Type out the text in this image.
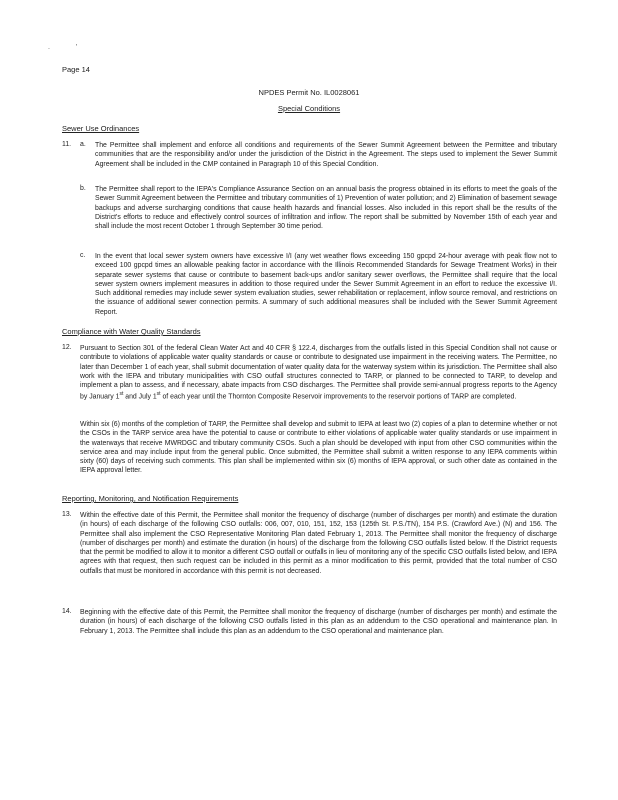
.	'
Page 14
NPDES Permit No. IL0028061
Special Conditions
Sewer Use Ordinances
11. a. The Permittee shall implement and enforce all conditions and requirements of the Sewer Summit Agreement between the Permittee and tributary communities that are the responsibility and/or under the jurisdiction of the District in the Agreement. The steps used to implement the Sewer Summit Agreement shall be included in the CMP contained in Paragraph 10 of this Special Condition.
b. The Permittee shall report to the IEPA's Compliance Assurance Section on an annual basis the progress obtained in its efforts to meet the goals of the Sewer Summit Agreement between the Permittee and tributary communities of 1) Prevention of water pollution; and 2) Elimination of basement sewage backups and adverse surcharging conditions that cause health hazards and financial losses. Also included in this report shall be the results of the District's efforts to reduce and effectively control sources of infiltration and inflow. The report shall be submitted by November 15th of each year and shall include the most recent October 1 through September 30 time period.
c. In the event that local sewer system owners have excessive I/I (any wet weather flows exceeding 150 gpcpd 24-hour average with peak flow not to exceed 100 gpcpd times an allowable peaking factor in accordance with the Illinois Recommended Standards for Sewage Treatment Works) in their separate sewer systems that cause or contribute to basement back-ups and/or sanitary sewer overflows, the Permittee shall require that the local sewer system owners implement measures in addition to those required under the Sewer Summit Agreement in an effort to reduce the excessive I/I. Such additional remedies may include sewer system evaluation studies, sewer rehabilitation or replacement, inflow source removal, and restrictions on the issuance of additional sewer connection permits. A summary of such additional measures shall be included with the Sewer Summit Agreement Report.
Compliance with Water Quality Standards
12. Pursuant to Section 301 of the federal Clean Water Act and 40 CFR § 122.4, discharges from the outfalls listed in this Special Condition shall not cause or contribute to violations of applicable water quality standards or cause or contribute to designated use impairment in the receiving waters. The Permittee, no later than December 1 of each year, shall submit documentation of water quality data for the waterway system within its jurisdiction. The Permittee shall also work with the IEPA and tributary municipalities with CSO outfall structures connected to TARP, or planned to be connected to TARP, to develop and implement a plan to assess, and if necessary, abate impacts from CSO discharges. The Permittee shall provide semi-annual progress reports to the Agency by January 1st and July 1st of each year until the Thornton Composite Reservoir improvements to the reservoir portions of TARP are completed.
Within six (6) months of the completion of TARP, the Permittee shall develop and submit to IEPA at least two (2) copies of a plan to determine whether or not the CSOs in the TARP service area have the potential to cause or contribute to either violations of applicable water quality standards or use impairment in the waterways that receive MWRDGC and tributary community CSOs. Such a plan should be developed with input from other CSO communities within the service area and may include input from the general public. Once submitted, the Permittee shall submit a written response to any IEPA comments within sixty (60) days of receiving such comments. This plan shall be implemented within six (6) months of IEPA approval, or such other date as contained in the IEPA approval letter.
Reporting, Monitoring, and Notification Requirements
13. Within the effective date of this Permit, the Permittee shall monitor the frequency of discharge (number of discharges per month) and estimate the duration (in hours) of each discharge of the following CSO outfalls: 006, 007, 010, 151, 152, 153 (125th St. P.S./TN), 154 P.S. (Crawford Ave.) (N) and 156. The Permittee shall also implement the CSO Representative Monitoring Plan dated February 1, 2013. The Permittee shall monitor the frequency of discharge (number of discharges per month) and estimate the duration (in hours) of the discharge from the following CSO outfalls listed below. If the District requests that the permit be modified to allow it to monitor a different CSO outfall or outfalls in lieu of monitoring any of the specific CSO outfalls listed below, and IEPA agrees with that request, then such request can be included in this permit as a minor modification to this permit, provided that the total number of CSO outfalls that must be monitored in accordance with this permit is not decreased.
14. Beginning with the effective date of this Permit, the Permittee shall monitor the frequency of discharge (number of discharges per month) and estimate the duration (in hours) of each discharge of the following CSO outfalls listed in this plan as an addendum to the CSO operational and maintenance plan. In February 1, 2013. The Permittee shall include this plan as an addendum to the CSO operational and maintenance plan.
